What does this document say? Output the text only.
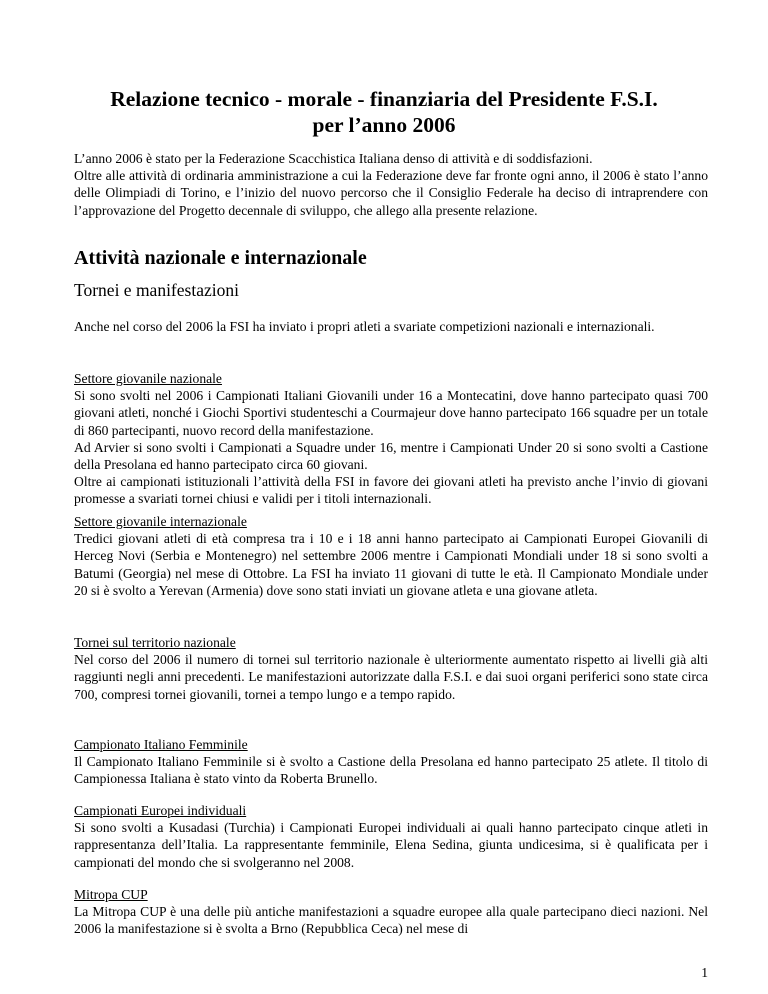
Relazione tecnico - morale - finanziaria del Presidente F.S.I.
per l’anno 2006

L’anno 2006 è stato per la Federazione Scacchistica Italiana denso di attività e di soddisfazioni.

Oltre alle attività di ordinaria amministrazione a cui la Federazione deve far fronte ogni anno, il 2006 è stato l’anno delle Olimpiadi di Torino, e l’inizio del nuovo percorso che il Consiglio Federale ha deciso di intraprendere con l’approvazione del Progetto decennale di sviluppo, che allego alla presente relazione.

Attività nazionale e internazionale
Tornei e manifestazioni

Anche nel corso del 2006 la FSI ha inviato i propri atleti a svariate competizioni nazionali e internazionali.

Settore giovanile nazionale

Si sono svolti nel 2006 i Campionati Italiani Giovanili under 16 a Montecatini, dove hanno partecipato quasi 700 giovani atleti, nonché i Giochi Sportivi studenteschi a Courmajeur dove hanno partecipato 166 squadre per un totale di 860 partecipanti, nuovo record della manifestazione.

Ad Arvier si sono svolti i Campionati a Squadre under 16, mentre i Campionati Under 20 si sono svolti a Castione della Presolana ed hanno partecipato circa 60 giovani.

Oltre ai campionati istituzionali l’attività della FSI in favore dei giovani atleti ha previsto anche l’invio di giovani promesse a svariati tornei chiusi e validi per i titoli internazionali.

Settore giovanile internazionale

Tredici giovani atleti di età compresa tra i 10 e i 18 anni hanno partecipato ai Campionati Europei Giovanili di Herceg Novi (Serbia e Montenegro) nel settembre 2006 mentre i Campionati Mondiali under 18 si sono svolti a Batumi (Georgia) nel mese di Ottobre. La FSI ha inviato 11 giovani di tutte le età. Il Campionato Mondiale under 20 si è svolto a Yerevan (Armenia) dove sono stati inviati un giovane atleta e una giovane atleta.

Tornei sul territorio nazionale

Nel corso del 2006 il numero di tornei sul territorio nazionale è ulteriormente aumentato rispetto ai livelli già alti raggiunti negli anni precedenti. Le manifestazioni autorizzate dalla F.S.I. e dai suoi organi periferici sono state circa 700, compresi tornei giovanili, tornei a tempo lungo e a tempo rapido.

Campionato Italiano Femminile

Il Campionato Italiano Femminile si è svolto a Castione della Presolana ed hanno partecipato 25 atlete. Il titolo di Campionessa Italiana è stato vinto da Roberta Brunello.

Campionati Europei individuali

Si sono svolti a Kusadasi (Turchia) i Campionati Europei individuali ai quali hanno partecipato cinque atleti in rappresentanza dell’Italia. La rappresentante femminile, Elena Sedina, giunta undicesima, si è qualificata per i campionati del mondo che si svolgeranno nel 2008.

Mitropa CUP

La Mitropa CUP è una delle più antiche manifestazioni a squadre europee alla quale partecipano dieci nazioni. Nel 2006 la manifestazione si è svolta a Brno (Repubblica Ceca) nel mese di

1
